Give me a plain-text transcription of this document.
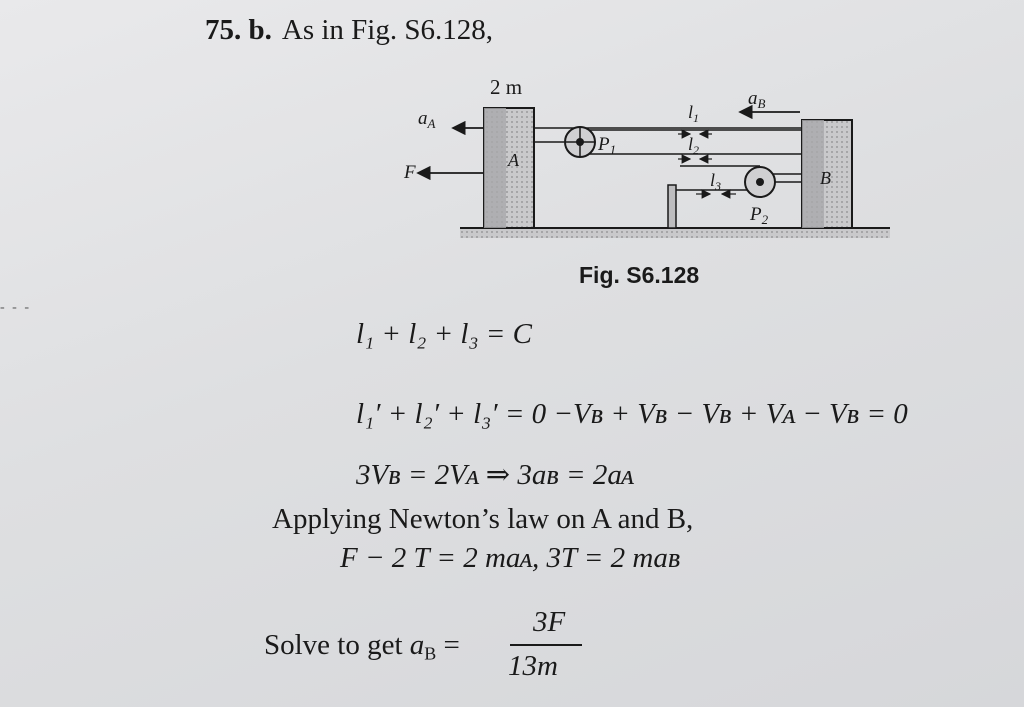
- - -
75. b. As in Fig. S6.128,
2 m
$a_A$
$a_B$
F
A
B
$P_1$
$P_2$
$l_1$
$l_2$
$l_3$
Fig. S6.128
l₁ + l₂ + l₃ = C
l₁′ + l₂′ + l₃′ = 0 −Vʙ + Vʙ − Vʙ + Vᴀ − Vʙ = 0
3Vʙ = 2Vᴀ ⇒ 3aʙ = 2aᴀ
Applying Newton’s law on A and B,
F − 2 T = 2 maᴀ, 3T = 2 maʙ
Solve to get $a_B$ =
3F
13m
